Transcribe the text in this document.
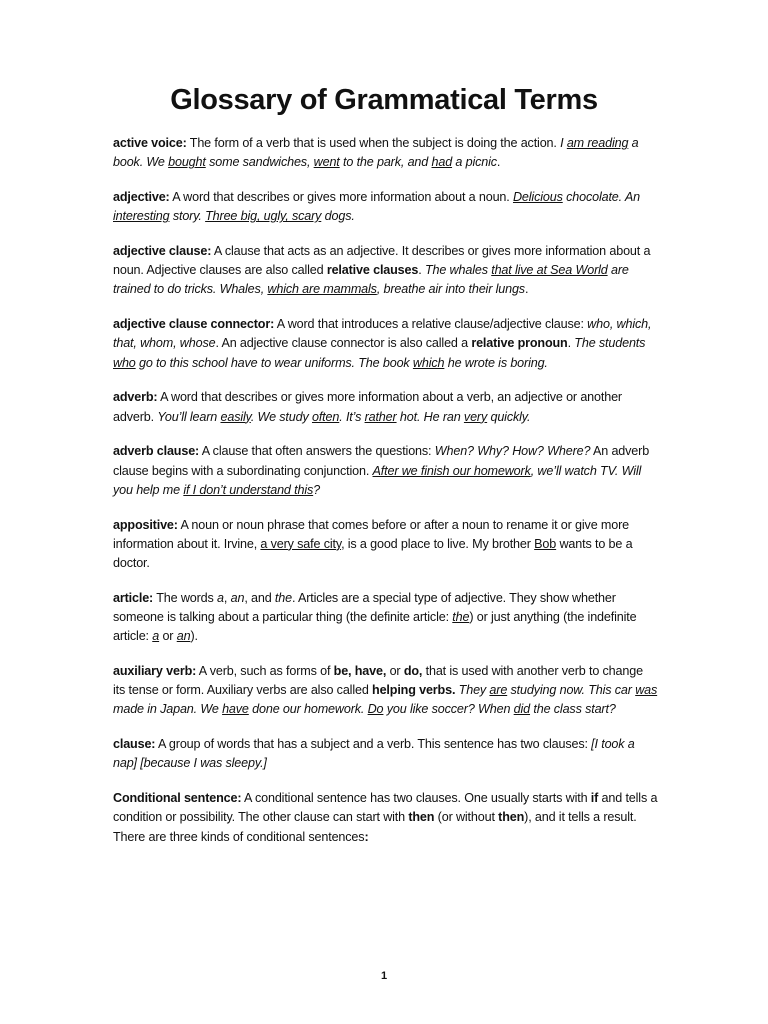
Glossary of Grammatical Terms

active voice: The form of a verb that is used when the subject is doing the action. I am reading a book. We bought some sandwiches, went to the park, and had a picnic.

adjective: A word that describes or gives more information about a noun. Delicious chocolate. An interesting story. Three big, ugly, scary dogs.

adjective clause: A clause that acts as an adjective. It describes or gives more information about a noun. Adjective clauses are also called relative clauses. The whales that live at Sea World are trained to do tricks. Whales, which are mammals, breathe air into their lungs.

adjective clause connector: A word that introduces a relative clause/adjective clause: who, which, that, whom, whose. An adjective clause connector is also called a relative pronoun. The students who go to this school have to wear uniforms. The book which he wrote is boring.

adverb: A word that describes or gives more information about a verb, an adjective or another adverb. You’ll learn easily. We study often. It’s rather hot. He ran very quickly.

adverb clause: A clause that often answers the questions: When? Why? How? Where? An adverb clause begins with a subordinating conjunction. After we finish our homework, we’ll watch TV. Will you help me if I don’t understand this?

appositive: A noun or noun phrase that comes before or after a noun to rename it or give more information about it. Irvine, a very safe city, is a good place to live. My brother Bob wants to be a doctor.

article: The words a, an, and the. Articles are a special type of adjective. They show whether someone is talking about a particular thing (the definite article: the) or just anything (the indefinite article: a or an).

auxiliary verb: A verb, such as forms of be, have, or do, that is used with another verb to change its tense or form. Auxiliary verbs are also called helping verbs. They are studying now. This car was made in Japan. We have done our homework. Do you like soccer? When did the class start?

clause: A group of words that has a subject and a verb. This sentence has two clauses: [I took a nap] [because I was sleepy.]

Conditional sentence: A conditional sentence has two clauses. One usually starts with if and tells a condition or possibility. The other clause can start with then (or without then), and it tells a result. There are three kinds of conditional sentences:

1
